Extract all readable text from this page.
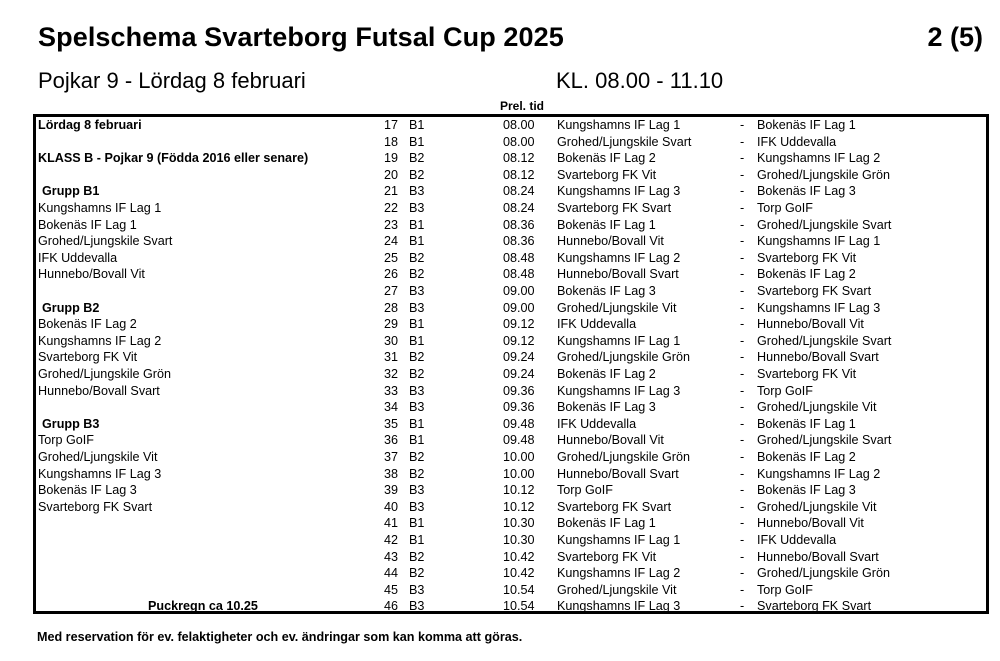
Spelschema Svarteborg Futsal Cup 2025	2 (5)
Pojkar 9 - Lördag 8 februari	KL. 08.00 - 11.10
Prel. tid
Lördag 8 februari	17 B1	08.00 Kungshamns IF Lag 1	- Bokenäs IF Lag 1
18 B1	08.00 Grohed/Ljungskile Svart	- IFK Uddevalla
KLASS B - Pojkar 9 (Födda 2016 eller senare)	19 B2	08.12 Bokenäs IF Lag 2	- Kungshamns IF Lag 2
20 B2	08.12 Svarteborg FK Vit	- Grohed/Ljungskile Grön
Grupp B1	21 B3	08.24 Kungshamns IF Lag 3	- Bokenäs IF Lag 3
Kungshamns IF Lag 1	22 B3	08.24 Svarteborg FK Svart	- Torp GoIF
Bokenäs IF Lag 1	23 B1	08.36 Bokenäs IF Lag 1	- Grohed/Ljungskile Svart
Grohed/Ljungskile Svart	24 B1	08.36 Hunnebo/Bovall Vit	- Kungshamns IF Lag 1
IFK Uddevalla	25 B2	08.48 Kungshamns IF Lag 2	- Svarteborg FK Vit
Hunnebo/Bovall Vit	26 B2	08.48 Hunnebo/Bovall Svart	- Bokenäs IF Lag 2
27 B3	09.00 Bokenäs IF Lag 3	- Svarteborg FK Svart
Grupp B2	28 B3	09.00 Grohed/Ljungskile Vit	- Kungshamns IF Lag 3
Bokenäs IF Lag 2	29 B1	09.12 IFK Uddevalla	- Hunnebo/Bovall Vit
Kungshamns IF Lag 2	30 B1	09.12 Kungshamns IF Lag 1	- Grohed/Ljungskile Svart
Svarteborg FK Vit	31 B2	09.24 Grohed/Ljungskile Grön	- Hunnebo/Bovall Svart
Grohed/Ljungskile Grön	32 B2	09.24 Bokenäs IF Lag 2	- Svarteborg FK Vit
Hunnebo/Bovall Svart	33 B3	09.36 Kungshamns IF Lag 3	- Torp GoIF
34 B3	09.36 Bokenäs IF Lag 3	- Grohed/Ljungskile Vit
Grupp B3	35 B1	09.48 IFK Uddevalla	- Bokenäs IF Lag 1
Torp GoIF	36 B1	09.48 Hunnebo/Bovall Vit	- Grohed/Ljungskile Svart
Grohed/Ljungskile Vit	37 B2	10.00 Grohed/Ljungskile Grön	- Bokenäs IF Lag 2
Kungshamns IF Lag 3	38 B2	10.00 Hunnebo/Bovall Svart	- Kungshamns IF Lag 2
Bokenäs IF Lag 3	39 B3	10.12 Torp GoIF	- Bokenäs IF Lag 3
Svarteborg FK Svart	40 B3	10.12 Svarteborg FK Svart	- Grohed/Ljungskile Vit
41 B1	10.30 Bokenäs IF Lag 1	- Hunnebo/Bovall Vit
42 B1	10.30 Kungshamns IF Lag 1	- IFK Uddevalla
43 B2	10.42 Svarteborg FK Vit	- Hunnebo/Bovall Svart
44 B2	10.42 Kungshamns IF Lag 2	- Grohed/Ljungskile Grön
45 B3	10.54 Grohed/Ljungskile Vit	- Torp GoIF
Puckregn ca 10.25	46 B3	10.54 Kungshamns IF Lag 3	- Svarteborg FK Svart
Med reservation för ev. felaktigheter och ev. ändringar som kan komma att göras.
